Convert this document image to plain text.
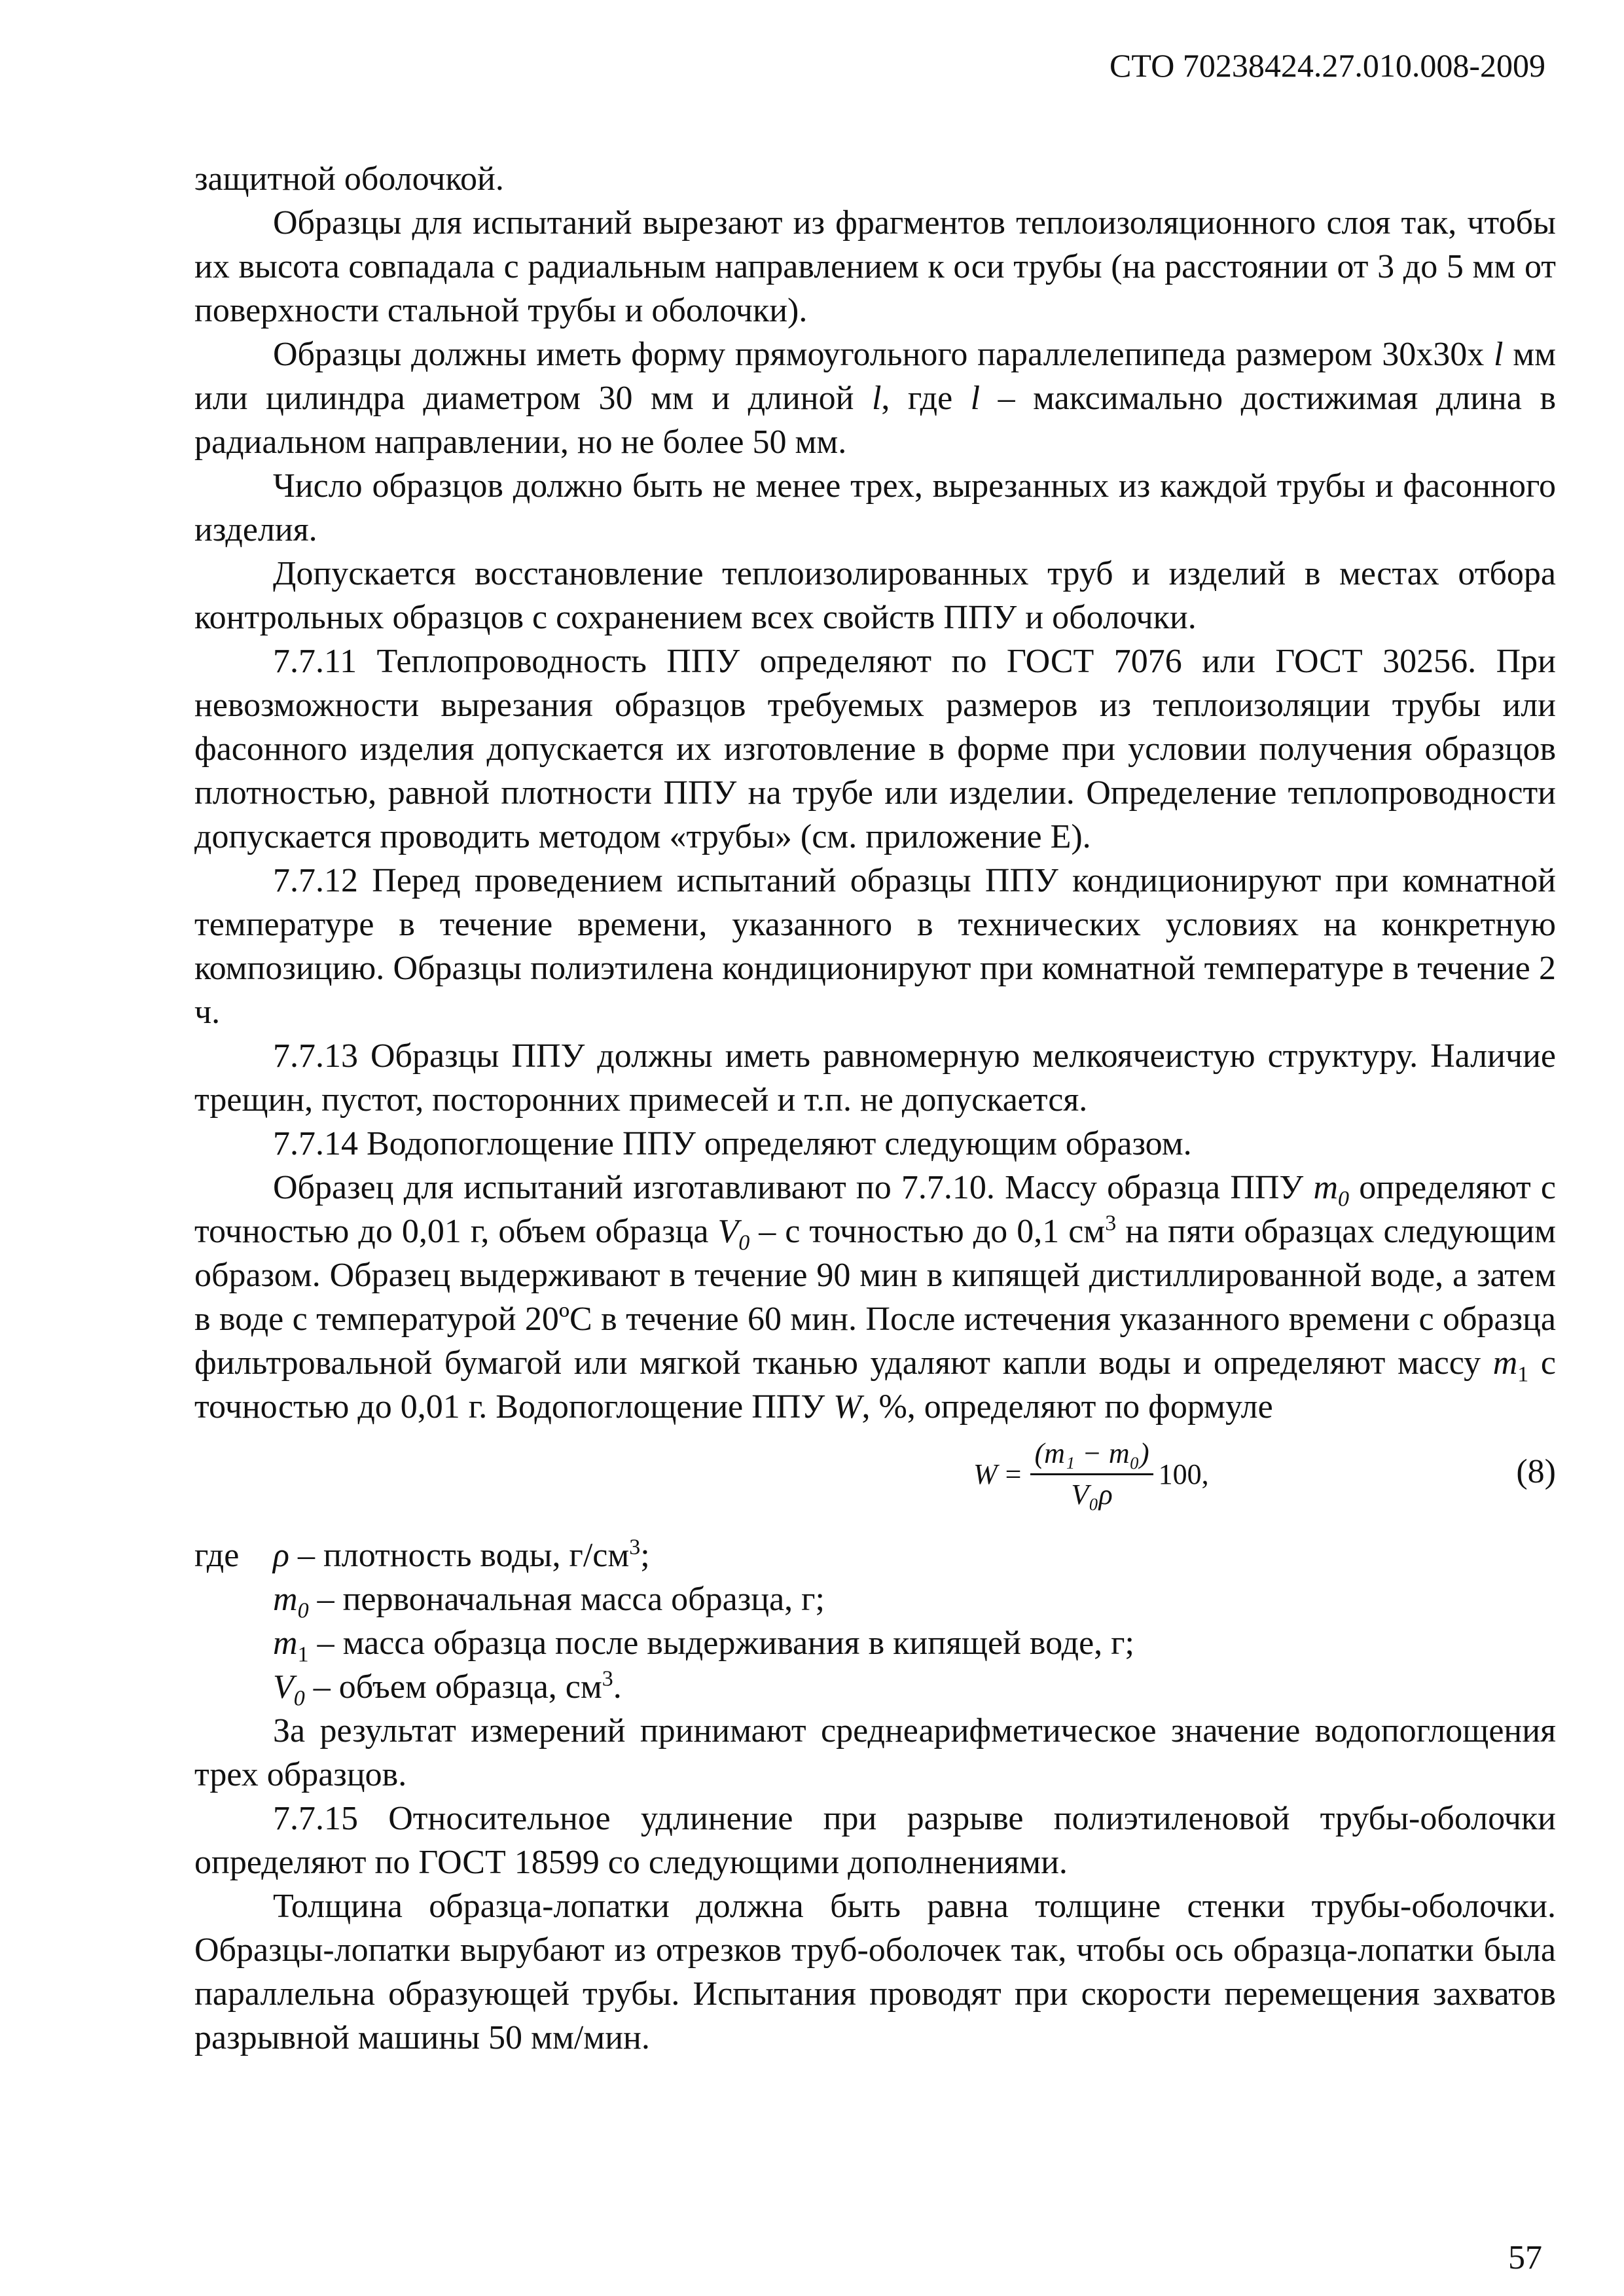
СТО 70238424.27.010.008-2009

защитной оболочкой.

Образцы для испытаний вырезают из фрагментов теплоизоляционного слоя так, чтобы их высота совпадала с радиальным направлением к оси трубы (на расстоянии от 3 до 5 мм от поверхности стальной трубы и оболочки).

Образцы должны иметь форму прямоугольного параллелепипеда размером 30х30х l мм или цилиндра диаметром 30 мм и длиной l, где l – максимально достижимая длина в радиальном направлении, но не более 50 мм.

Число образцов должно быть не менее трех, вырезанных из каждой трубы и фасонного изделия.

Допускается восстановление теплоизолированных труб и изделий в местах отбора контрольных образцов с сохранением всех свойств ППУ и оболочки.

7.7.11 Теплопроводность ППУ определяют по ГОСТ 7076 или ГОСТ 30256. При невозможности вырезания образцов требуемых размеров из теплоизоляции трубы или фасонного изделия допускается их изготовление в форме при условии получения образцов плотностью, равной плотности ППУ на трубе или изделии. Определение теплопроводности допускается проводить методом «трубы» (см. приложение Е).

7.7.12 Перед проведением испытаний образцы ППУ кондиционируют при комнатной температуре в течение времени, указанного в технических условиях на конкретную композицию. Образцы полиэтилена кондиционируют при комнатной температуре в течение 2 ч.

7.7.13 Образцы ППУ должны иметь равномерную мелкоячеистую структуру. Наличие трещин, пустот, посторонних примесей и т.п. не допускается.

7.7.14 Водопоглощение ППУ определяют следующим образом.

Образец для испытаний изготавливают по 7.7.10. Массу образца ППУ $m_0$ определяют с точностью до 0,01 г, объем образца $V_0$ – с точностью до 0,1 $см^3$ на пяти образцах следующим образом. Образец выдерживают в течение 90 мин в кипящей дистиллированной воде, а затем в воде с температурой 20ºС в течение 60 мин. После истечения указанного времени с образца фильтровальной бумагой или мягкой тканью удаляют капли воды и определяют массу $m_1$ с точностью до 0,01 г. Водопоглощение ППУ W, %, определяют по формуле

$W = \frac{\text{(m₁ − m₀)}}{\text{V₀ρ}} 100$ ,	(8)

где ρ – плотность воды, $г/см^3$;

$m_0$ – первоначальная масса образца, г;

$m_1$ – масса образца после выдерживания в кипящей воде, г;

$V_0$ – объем образца, $см^3$.

За результат измерений принимают среднеарифметическое значение водопоглощения трех образцов.

7.7.15 Относительное удлинение при разрыве полиэтиленовой трубы-оболочки определяют по ГОСТ 18599 со следующими дополнениями.

Толщина образца-лопатки должна быть равна толщине стенки трубы-оболочки. Образцы-лопатки вырубают из отрезков труб-оболочек так, чтобы ось образца-лопатки была параллельна образующей трубы. Испытания проводят при скорости перемещения захватов разрывной машины 50 мм/мин.

57
